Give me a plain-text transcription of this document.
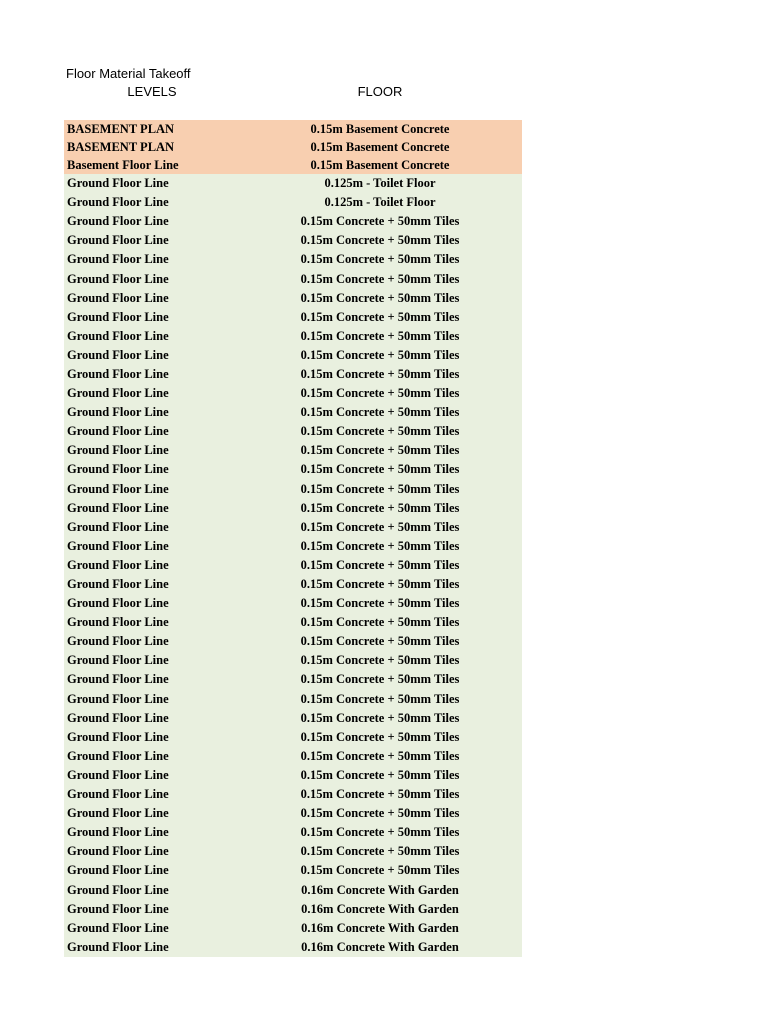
Floor Material Takeoff
LEVELS	FLOOR
BASEMENT PLAN	0.15m Basement Concrete
BASEMENT PLAN	0.15m Basement Concrete
Basement Floor Line	0.15m Basement Concrete
Ground Floor Line	0.125m - Toilet Floor
Ground Floor Line	0.125m - Toilet Floor
Ground Floor Line	0.15m Concrete + 50mm Tiles
Ground Floor Line	0.15m Concrete + 50mm Tiles
Ground Floor Line	0.15m Concrete + 50mm Tiles
Ground Floor Line	0.15m Concrete + 50mm Tiles
Ground Floor Line	0.15m Concrete + 50mm Tiles
Ground Floor Line	0.15m Concrete + 50mm Tiles
Ground Floor Line	0.15m Concrete + 50mm Tiles
Ground Floor Line	0.15m Concrete + 50mm Tiles
Ground Floor Line	0.15m Concrete + 50mm Tiles
Ground Floor Line	0.15m Concrete + 50mm Tiles
Ground Floor Line	0.15m Concrete + 50mm Tiles
Ground Floor Line	0.15m Concrete + 50mm Tiles
Ground Floor Line	0.15m Concrete + 50mm Tiles
Ground Floor Line	0.15m Concrete + 50mm Tiles
Ground Floor Line	0.15m Concrete + 50mm Tiles
Ground Floor Line	0.15m Concrete + 50mm Tiles
Ground Floor Line	0.15m Concrete + 50mm Tiles
Ground Floor Line	0.15m Concrete + 50mm Tiles
Ground Floor Line	0.15m Concrete + 50mm Tiles
Ground Floor Line	0.15m Concrete + 50mm Tiles
Ground Floor Line	0.15m Concrete + 50mm Tiles
Ground Floor Line	0.15m Concrete + 50mm Tiles
Ground Floor Line	0.15m Concrete + 50mm Tiles
Ground Floor Line	0.15m Concrete + 50mm Tiles
Ground Floor Line	0.15m Concrete + 50mm Tiles
Ground Floor Line	0.15m Concrete + 50mm Tiles
Ground Floor Line	0.15m Concrete + 50mm Tiles
Ground Floor Line	0.15m Concrete + 50mm Tiles
Ground Floor Line	0.15m Concrete + 50mm Tiles
Ground Floor Line	0.15m Concrete + 50mm Tiles
Ground Floor Line	0.15m Concrete + 50mm Tiles
Ground Floor Line	0.15m Concrete + 50mm Tiles
Ground Floor Line	0.15m Concrete + 50mm Tiles
Ground Floor Line	0.15m Concrete + 50mm Tiles
Ground Floor Line	0.15m Concrete + 50mm Tiles
Ground Floor Line	0.16m Concrete With Garden
Ground Floor Line	0.16m Concrete With Garden
Ground Floor Line	0.16m Concrete With Garden
Ground Floor Line	0.16m Concrete With Garden
